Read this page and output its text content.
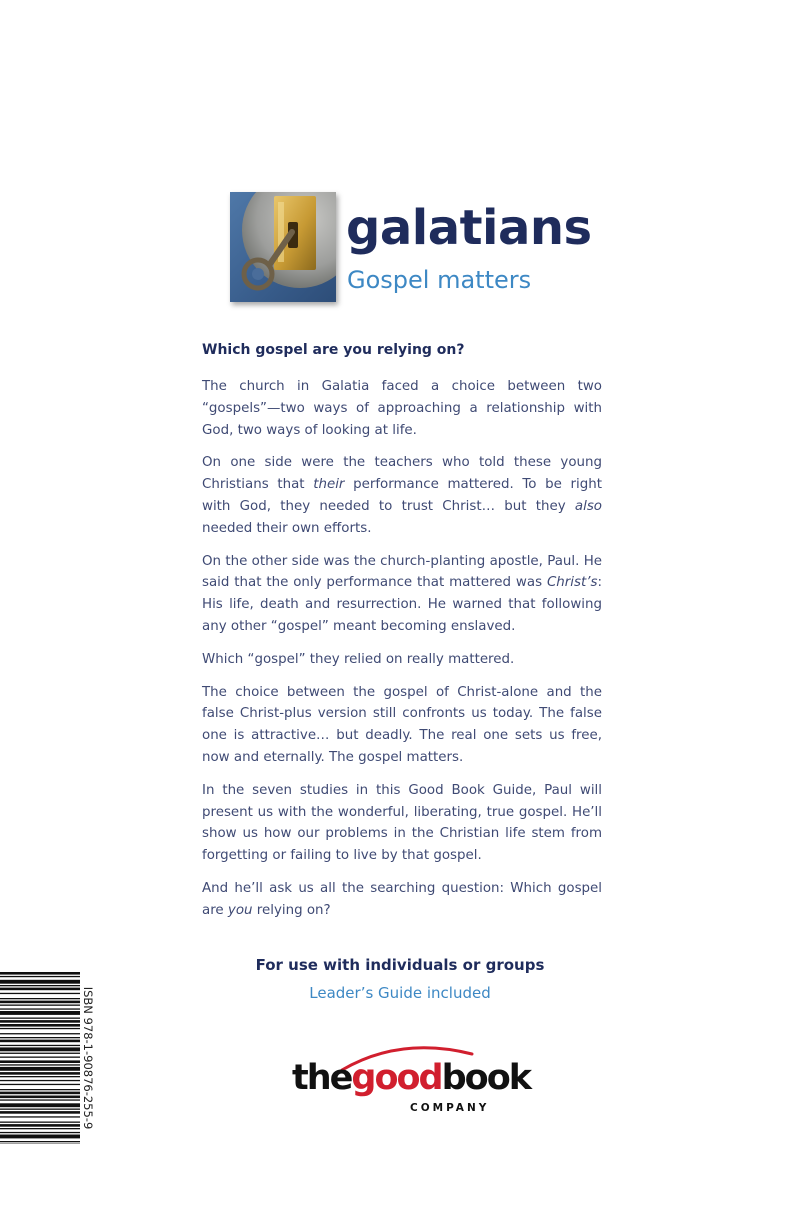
galatians
Gospel matters

Which gospel are you relying on?

The church in Galatia faced a choice between two “gospels”—two ways of approaching a relationship with God, two ways of looking at life.

On one side were the teachers who told these young Christians that their performance mattered. To be right with God, they needed to trust Christ… but they also needed their own efforts.

On the other side was the church-planting apostle, Paul. He said that the only performance that mattered was Christ’s: His life, death and resurrection. He warned that following any other “gospel” meant becoming enslaved.

Which “gospel” they relied on really mattered.

The choice between the gospel of Christ-alone and the false Christ-plus version still confronts us today. The false one is attractive… but deadly. The real one sets us free, now and eternally. The gospel matters.

In the seven studies in this Good Book Guide, Paul will present us with the wonderful, liberating, true gospel. He’ll show us how our problems in the Christian life stem from forgetting or failing to live by that gospel.

And he’ll ask us all the searching question: Which gospel are you relying on?

For use with individuals or groups
Leader’s Guide included

thegoodbook

COMPANY
ISBN 978-1-90876-255-9
